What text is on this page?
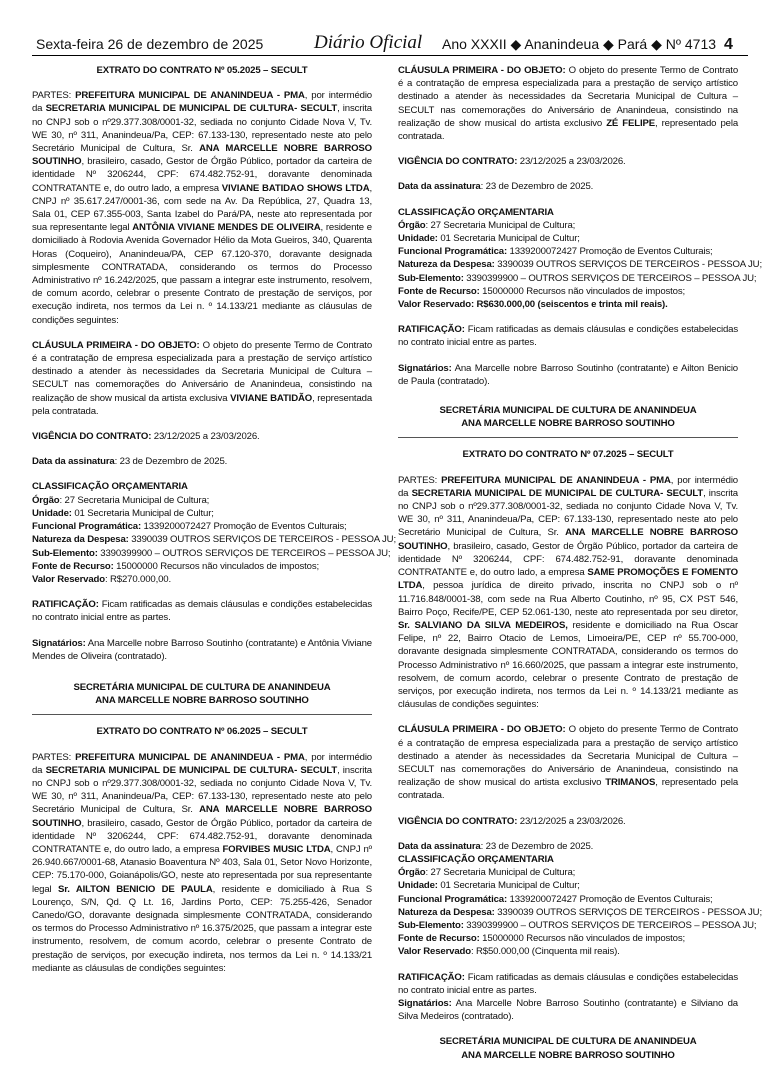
Sexta-feira 26 de dezembro de 2025	Diário Oficial Ano XXXII ◆ Ananindeua ◆ Pará ◆ Nº 4713 4
EXTRATO DO CONTRATO Nº 05.2025 – SECULT

PARTES: PREFEITURA MUNICIPAL DE ANANINDEUA - PMA, por intermédio da SECRETARIA MUNICIPAL DE MUNICIPAL DE CULTURA- SECULT, inscrita no CNPJ sob o nº29.377.308/0001-32, sediada no conjunto Cidade Nova V, Tv. WE 30, nº 311, Ananindeua/Pa, CEP: 67.133-130, representado neste ato pelo Secretário Municipal de Cultura, Sr. ANA MARCELLE NOBRE BARROSO SOUTINHO, brasileiro, casado, Gestor de Órgão Público, portador da carteira de identidade Nº 3206244, CPF: 674.482.752-91, doravante denominada CONTRATANTE e, do outro lado, a empresa VIVIANE BATIDAO SHOWS LTDA, CNPJ nº 35.617.247/0001-36, com sede na Av. Da República, 27, Quadra 13, Sala 01, CEP 67.355-003, Santa Izabel do Pará/PA, neste ato representada por sua representante legal ANTÔNIA VIVIANE MENDES DE OLIVEIRA, residente e domiciliado à Rodovia Avenida Governador Hélio da Mota Gueiros, 340, Quarenta Horas (Coqueiro), Ananindeua/PA, CEP 67.120-370, doravante designada simplesmente CONTRATADA, considerando os termos do Processo Administrativo nº 16.242/2025, que passam a integrar este instrumento, resolvem, de comum acordo, celebrar o presente Contrato de prestação de serviços, por execução indireta, nos termos da Lei n. º 14.133/21 mediante as cláusulas de condições seguintes:

CLÁUSULA PRIMEIRA - DO OBJETO: O objeto do presente Termo de Contrato é a contratação de empresa especializada para a prestação de serviço artístico destinado a atender às necessidades da Secretaria Municipal de Cultura – SECULT nas comemorações do Aniversário de Ananindeua, consistindo na realização de show musical da artista exclusiva VIVIANE BATIDÃO, representada pela contratada.

VIGÊNCIA DO CONTRATO: 23/12/2025 a 23/03/2026.

Data da assinatura: 23 de Dezembro de 2025.

CLASSIFICAÇÃO ORÇAMENTARIA
Órgão: 27 Secretaria Municipal de Cultura;
Unidade: 01 Secretaria Municipal de Cultur;
Funcional Programática: 1339200072427 Promoção de Eventos Culturais;
Natureza da Despesa: 3390039 OUTROS SERVIÇOS DE TERCEIROS - PESSOA JU;
Sub-Elemento: 3390399900 – OUTROS SERVIÇOS DE TERCEIROS – PESSOA JU;
Fonte de Recurso: 15000000 Recursos não vinculados de impostos;
Valor Reservado: R$270.000,00.

RATIFICAÇÃO: Ficam ratificadas as demais cláusulas e condições estabelecidas no contrato inicial entre as partes.

Signatários: Ana Marcelle nobre Barroso Soutinho (contratante) e Antônia Viviane Mendes de Oliveira (contratado).

SECRETÁRIA MUNICIPAL DE CULTURA DE ANANINDEUA
ANA MARCELLE NOBRE BARROSO SOUTINHO
EXTRATO DO CONTRATO Nº 06.2025 – SECULT

PARTES: PREFEITURA MUNICIPAL DE ANANINDEUA - PMA, por intermédio da SECRETARIA MUNICIPAL DE MUNICIPAL DE CULTURA- SECULT, inscrita no CNPJ sob o nº29.377.308/0001-32, sediada no conjunto Cidade Nova V, Tv. WE 30, nº 311, Ananindeua/Pa, CEP: 67.133-130, representado neste ato pelo Secretário Municipal de Cultura, Sr. ANA MARCELLE NOBRE BARROSO SOUTINHO, brasileiro, casado, Gestor de Órgão Público, portador da carteira de identidade Nº 3206244, CPF: 674.482.752-91, doravante denominada CONTRATANTE e, do outro lado, a empresa FORVIBES MUSIC LTDA, CNPJ nº 26.940.667/0001-68, Atanasio Boaventura Nº 403, Sala 01, Setor Novo Horizonte, CEP: 75.170-000, Goianápolis/GO, neste ato representada por sua representante legal Sr. AILTON BENICIO DE PAULA, residente e domiciliado à Rua S Lourenço, S/N, Qd. Q Lt. 16, Jardins Porto, CEP: 75.255-426, Senador Canedo/GO, doravante designada simplesmente CONTRATADA, considerando os termos do Processo Administrativo nº 16.375/2025, que passam a integrar este instrumento, resolvem, de comum acordo, celebrar o presente Contrato de prestação de serviços, por execução indireta, nos termos da Lei n. º 14.133/21 mediante as cláusulas de condições seguintes:

CLÁUSULA PRIMEIRA - DO OBJETO: O objeto do presente Termo de Contrato é a contratação de empresa especializada para a prestação de serviço artístico destinado a atender às necessidades da Secretaria Municipal de Cultura – SECULT nas comemorações do Aniversário de Ananindeua, consistindo na realização de show musical do artista exclusivo ZÉ FELIPE, representado pela contratada.

VIGÊNCIA DO CONTRATO: 23/12/2025 a 23/03/2026.

Data da assinatura: 23 de Dezembro de 2025.

CLASSIFICAÇÃO ORÇAMENTARIA
Órgão: 27 Secretaria Municipal de Cultura;
Unidade: 01 Secretaria Municipal de Cultur;
Funcional Programática: 1339200072427 Promoção de Eventos Culturais;
Natureza da Despesa: 3390039 OUTROS SERVIÇOS DE TERCEIROS - PESSOA JU;
Sub-Elemento: 3390399900 – OUTROS SERVIÇOS DE TERCEIROS – PESSOA JU;
Fonte de Recurso: 15000000 Recursos não vinculados de impostos;
Valor Reservado: R$630.000,00 (seiscentos e trinta mil reais).

RATIFICAÇÃO: Ficam ratificadas as demais cláusulas e condições estabelecidas no contrato inicial entre as partes.

Signatários: Ana Marcelle nobre Barroso Soutinho (contratante) e Ailton Benicio de Paula (contratado).

SECRETÁRIA MUNICIPAL DE CULTURA DE ANANINDEUA
ANA MARCELLE NOBRE BARROSO SOUTINHO
EXTRATO DO CONTRATO Nº 07.2025 – SECULT

PARTES: PREFEITURA MUNICIPAL DE ANANINDEUA - PMA, por intermédio da SECRETARIA MUNICIPAL DE MUNICIPAL DE CULTURA- SECULT, inscrita no CNPJ sob o nº29.377.308/0001-32, sediada no conjunto Cidade Nova V, Tv. WE 30, nº 311, Ananindeua/Pa, CEP: 67.133-130, representado neste ato pelo Secretário Municipal de Cultura, Sr. ANA MARCELLE NOBRE BARROSO SOUTINHO, brasileiro, casado, Gestor de Órgão Público, portador da carteira de identidade Nº 3206244, CPF: 674.482.752-91, doravante denominada CONTRATANTE e, do outro lado, a empresa SAME PROMOÇÕES E FOMENTO LTDA, pessoa jurídica de direito privado, inscrita no CNPJ sob o nº 11.716.848/0001-38, com sede na Rua Alberto Coutinho, nº 95, CX PST 546, Bairro Poço, Recife/PE, CEP 52.061-130, neste ato representada por seu diretor, Sr. SALVIANO DA SILVA MEDEIROS, residente e domiciliado na Rua Oscar Felipe, nº 22, Bairro Otacio de Lemos, Limoeira/PE, CEP nº 55.700-000, doravante designada simplesmente CONTRATADA, considerando os termos do Processo Administrativo nº 16.660/2025, que passam a integrar este instrumento, resolvem, de comum acordo, celebrar o presente Contrato de prestação de serviços, por execução indireta, nos termos da Lei n. º 14.133/21 mediante as cláusulas de condições seguintes:

CLÁUSULA PRIMEIRA - DO OBJETO: O objeto do presente Termo de Contrato é a contratação de empresa especializada para a prestação de serviço artístico destinado a atender às necessidades da Secretaria Municipal de Cultura – SECULT nas comemorações do Aniversário de Ananindeua, consistindo na realização de show musical do artista exclusivo TRIMANOS, representado pela contratada.

VIGÊNCIA DO CONTRATO: 23/12/2025 a 23/03/2026.

Data da assinatura: 23 de Dezembro de 2025.
CLASSIFICAÇÃO ORÇAMENTARIA
Órgão: 27 Secretaria Municipal de Cultura;
Unidade: 01 Secretaria Municipal de Cultur;
Funcional Programática: 1339200072427 Promoção de Eventos Culturais;
Natureza da Despesa: 3390039 OUTROS SERVIÇOS DE TERCEIROS - PESSOA JU;
Sub-Elemento: 3390399900 – OUTROS SERVIÇOS DE TERCEIROS – PESSOA JU;
Fonte de Recurso: 15000000 Recursos não vinculados de impostos;
Valor Reservado: R$50.000,00 (Cinquenta mil reais).

RATIFICAÇÃO: Ficam ratificadas as demais cláusulas e condições estabelecidas no contrato inicial entre as partes.

Signatários: Ana Marcelle Nobre Barroso Soutinho (contratante) e Silviano da Silva Medeiros (contratado).

SECRETÁRIA MUNICIPAL DE CULTURA DE ANANINDEUA
ANA MARCELLE NOBRE BARROSO SOUTINHO
